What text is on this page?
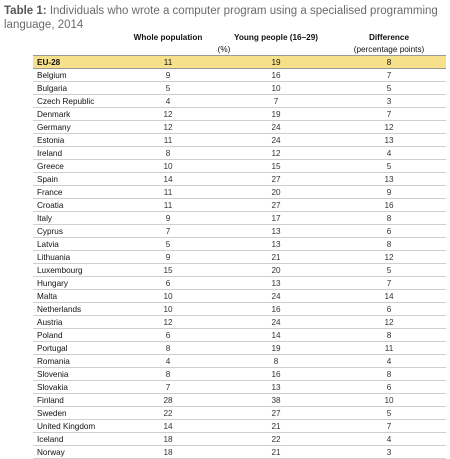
Table 1: Individuals who wrote a computer program using a specialised programming language, 2014
	Whole population	Young people (16–29)	Difference
	(%)		(percentage points)
EU-28	11	19	8
Belgium	9	16	7
Bulgaria	5	10	5
Czech Republic	4	7	3
Denmark	12	19	7
Germany	12	24	12
Estonia	11	24	13
Ireland	8	12	4
Greece	10	15	5
Spain	14	27	13
France	11	20	9
Croatia	11	27	16
Italy	9	17	8
Cyprus	7	13	6
Latvia	5	13	8
Lithuania	9	21	12
Luxembourg	15	20	5
Hungary	6	13	7
Malta	10	24	14
Netherlands	10	16	6
Austria	12	24	12
Poland	6	14	8
Portugal	8	19	11
Romania	4	8	4
Slovenia	8	16	8
Slovakia	7	13	6
Finland	28	38	10
Sweden	22	27	5
United Kingdom	14	21	7
Iceland	18	22	4
Norway	18	21	3
